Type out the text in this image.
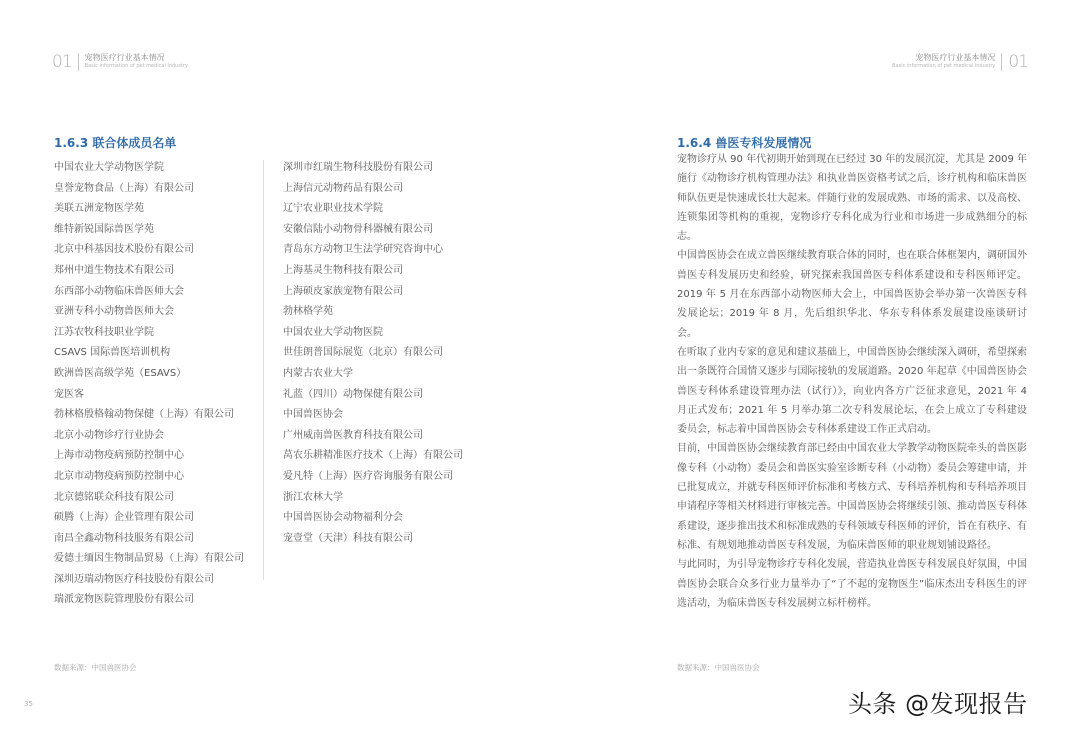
01 宠物医疗行业基本情况
Basic information of pet medical industry	01
宠物医疗行业基本情况
Basic information of pet medical industry
1.6.3 联合体成员名单	1.6.4 兽医专科发展情况
中国农业大学动物医学院
皇誉宠物食品（上海）有限公司
美联五洲宠物医学苑
维特新锐国际兽医学苑
北京中科基因技术股份有限公司
郑州中道生物技术有限公司
东西部小动物临床兽医师大会
亚洲专科小动物兽医师大会
江苏农牧科技职业学院
CSAVS 国际兽医培训机构
欧洲兽医高级学苑（ESAVS）
宠医客
勃林格殷格翰动物保健（上海）有限公司
北京小动物诊疗行业协会
上海市动物疫病预防控制中心
北京市动物疫病预防控制中心
北京德铭联众科技有限公司
硕腾（上海）企业管理有限公司
南昌全鑫动物科技服务有限公司
爱德士缅因生物制品贸易（上海）有限公司
深圳迈瑞动物医疗科技股份有限公司
瑞派宠物医院管理股份有限公司
深圳市红瑞生物科技股份有限公司
上海信元动物药品有限公司
辽宁农业职业技术学院
安徽信陆小动物骨科器械有限公司
青岛东方动物卫生法学研究咨询中心
上海基灵生物科技有限公司
上海硕皮家族宠物有限公司
勃林格学苑
中国农业大学动物医院
世佳朗普国际展览（北京）有限公司
内蒙古农业大学
礼蓝（四川）动物保健有限公司
中国兽医协会
广州威南兽医教育科技有限公司
莴农乐耕精准医疗技术（上海）有限公司
爱凡特（上海）医疗咨询服务有限公司
浙江农林大学
中国兽医协会动物福利分会
宠壹堂（天津）科技有限公司

宠物诊疗从 90 年代初期开始到现在已经过 30 年的发展沉淀，尤其是 2009 年施行《动物诊疗机构管理办法》和执业兽医资格考试之后，诊疗机构和临床兽医师队伍更是快速成长壮大起来。伴随行业的发展成熟、市场的需求、以及高校、连锁集团等机构的重视，宠物诊疗专科化成为行业和市场进一步成熟细分的标志。

中国兽医协会在成立兽医继续教育联合体的同时，也在联合体框架内，调研国外兽医专科发展历史和经验，研究探索我国兽医专科体系建设和专科医师评定。2019 年 5 月在东西部小动物医师大会上，中国兽医协会举办第一次兽医专科发展论坛；2019 年 8 月，先后组织华北、华东专科体系发展建设座谈研讨会。

在听取了业内专家的意见和建议基础上，中国兽医协会继续深入调研，希望探索出一条既符合国情又逐步与国际接轨的发展道路。2020 年起草《中国兽医协会兽医专科体系建设管理办法（试行）》，向业内各方广泛征求意见，2021 年 4 月正式发布；2021 年 5 月举办第二次专科发展论坛，在会上成立了专科建设委员会，标志着中国兽医协会专科体系建设工作正式启动。

目前，中国兽医协会继续教育部已经由中国农业大学教学动物医院牵头的兽医影像专科（小动物）委员会和兽医实验室诊断专科（小动物）委员会筹建申请，并已批复成立，并就专科医师评价标准和考核方式、专科培养机构和专科培养项目申请程序等相关材料进行审核完善。中国兽医协会将继续引领、推动兽医专科体系建设，逐步推出技术和标准成熟的专科领域专科医师的评价，旨在有秩序、有标准、有规划地推动兽医专科发展，为临床兽医师的职业规划铺设路径。

与此同时，为引导宠物诊疗专科化发展，营造执业兽医专科发展良好氛围，中国兽医协会联合众多行业力量举办了“了不起的宠物医生”临床杰出专科医生的评选活动，为临床兽医专科发展树立标杆榜样。

数据来源：中国兽医协会	数据来源：中国兽医协会
35	头条 @发现报告
